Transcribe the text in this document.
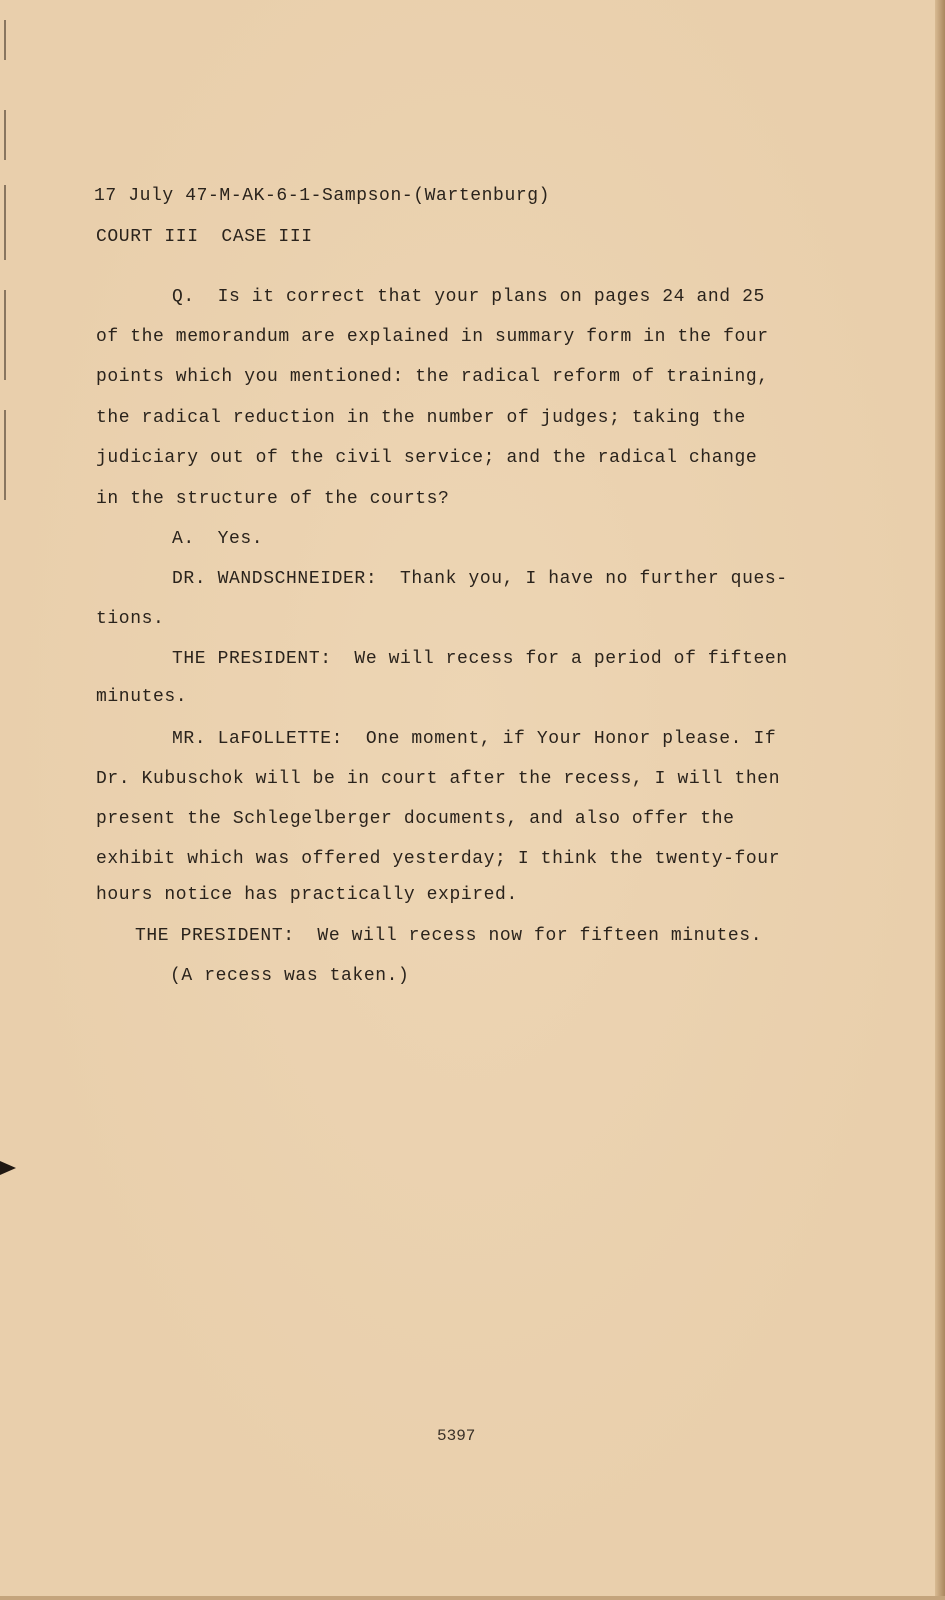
17 July 47-M-AK-6-1-Sampson-(Wartenburg)

COURT III  CASE III

Q.  Is it correct that your plans on pages 24 and 25

of the memorandum are explained in summary form in the four

points which you mentioned: the radical reform of training,

the radical reduction in the number of judges; taking the

judiciary out of the civil service; and the radical change

in the structure of the courts?

A.  Yes.

DR. WANDSCHNEIDER:  Thank you, I have no further ques-

tions.

THE PRESIDENT:  We will recess for a period of fifteen

minutes.

MR. LaFOLLETTE:  One moment, if Your Honor please. If

Dr. Kubuschok will be in court after the recess, I will then

present the Schlegelberger documents, and also offer the

exhibit which was offered yesterday; I think the twenty-four

hours notice has practically expired.

THE PRESIDENT:  We will recess now for fifteen minutes.

(A recess was taken.)

5397
